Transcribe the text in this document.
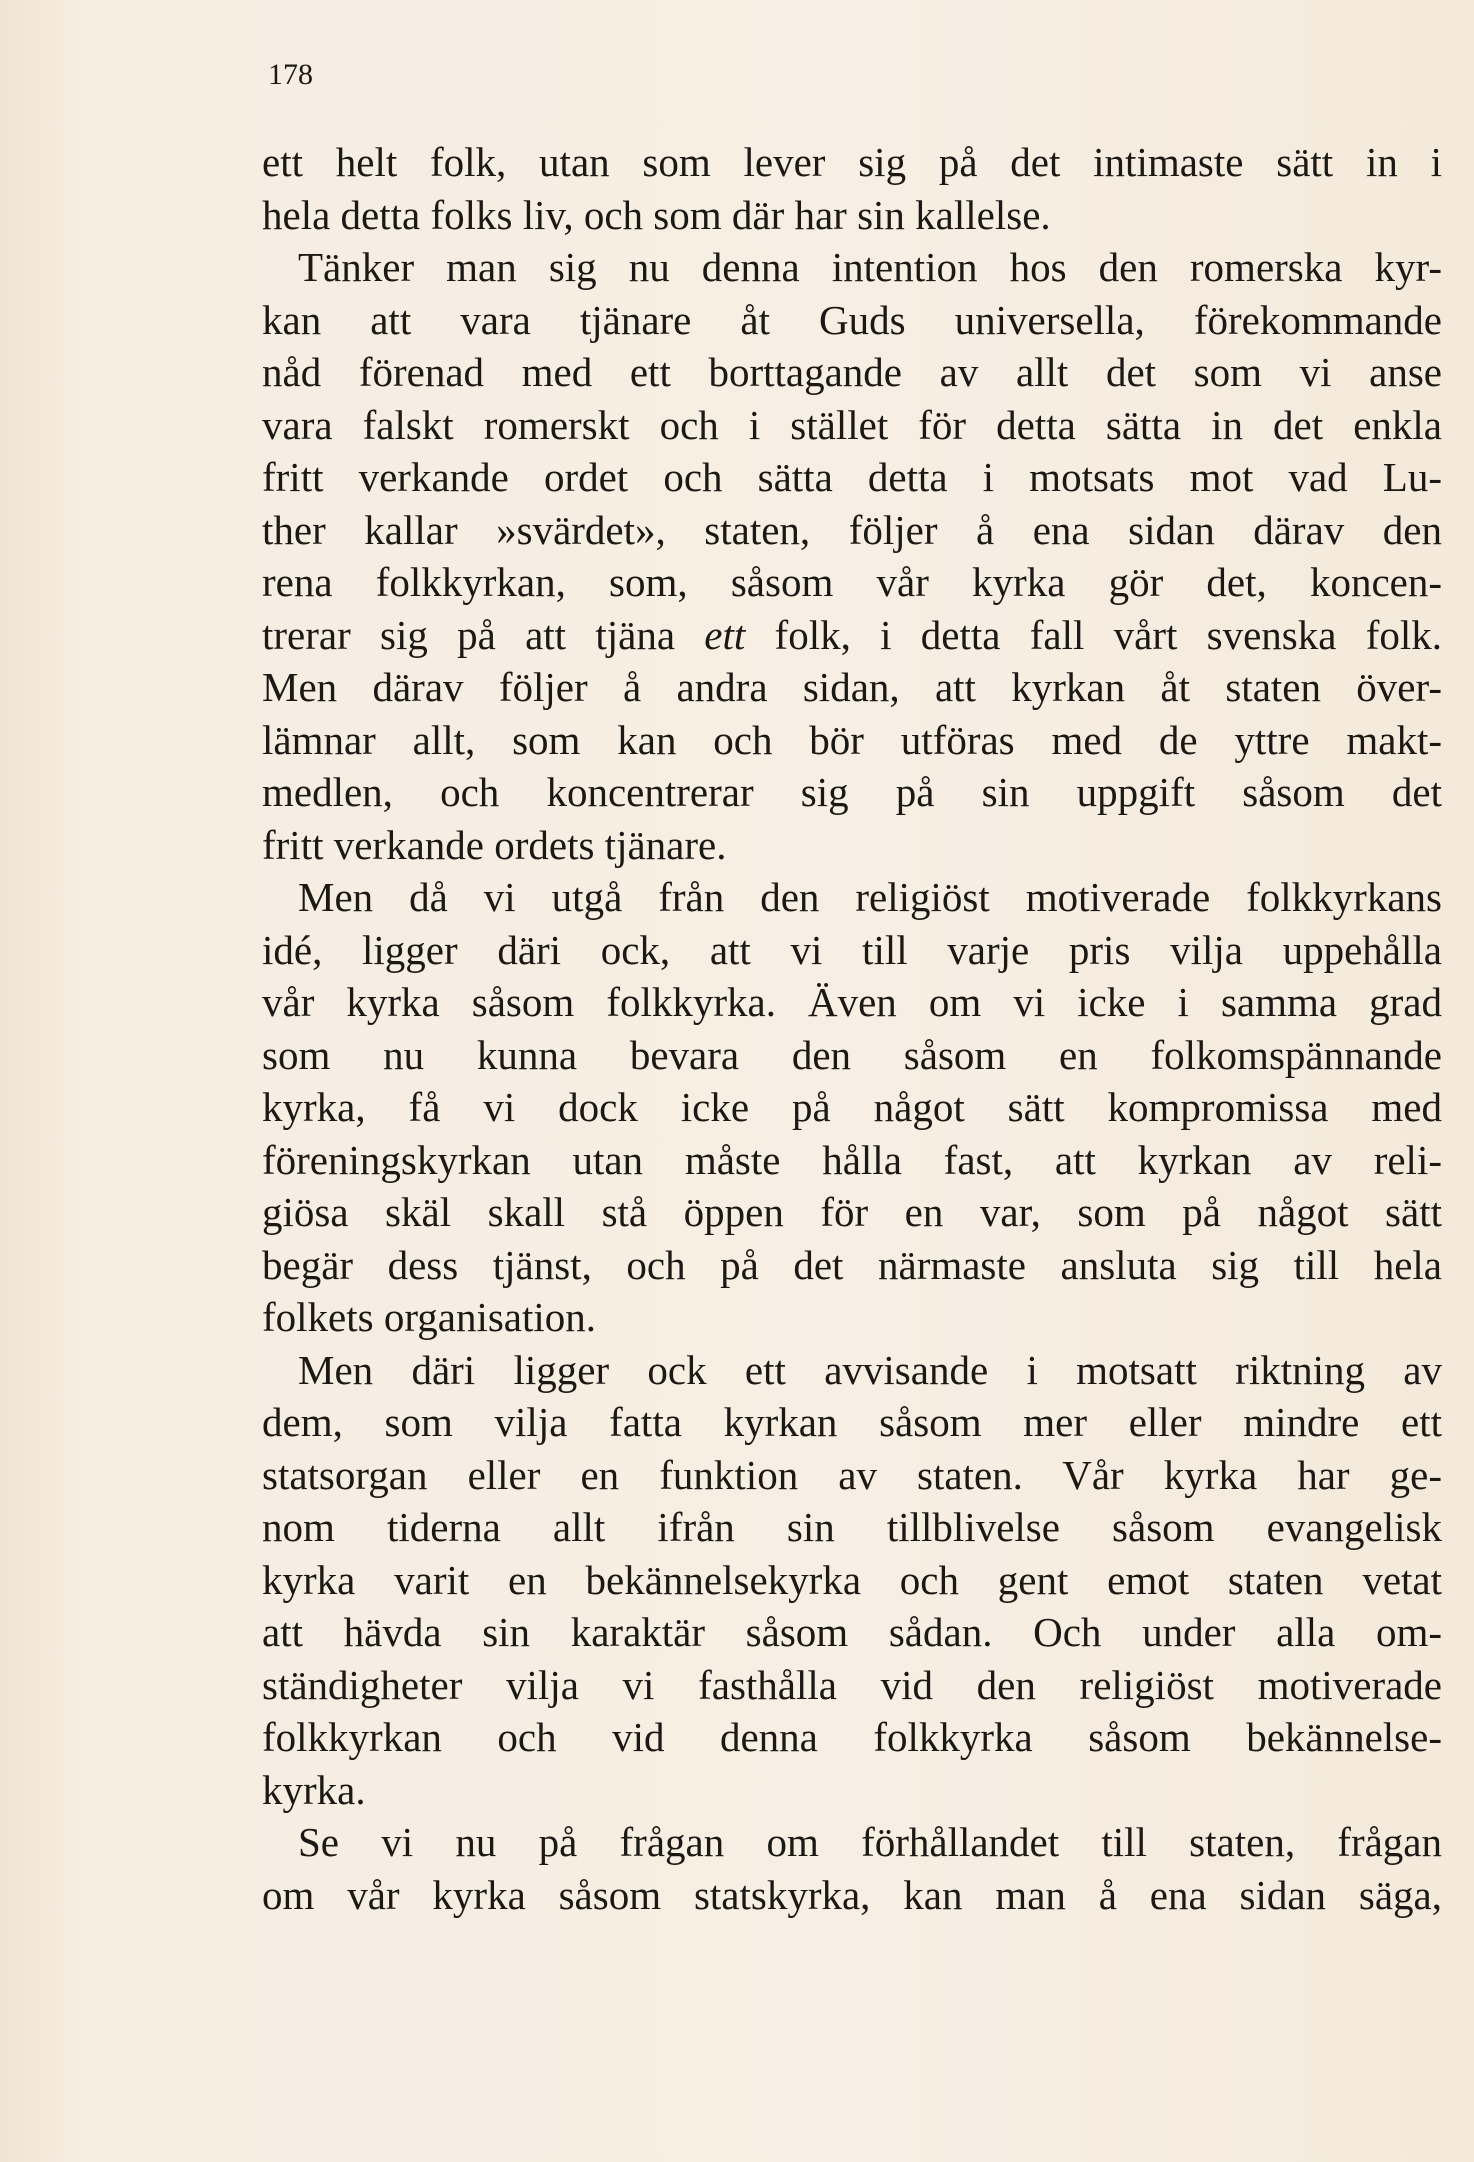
178
ett helt folk, utan som lever sig på det intimaste sätt in i
hela detta folks liv, och som där har sin kallelse.
Tänker man sig nu denna intention hos den romerska kyr-
kan att vara tjänare åt Guds universella, förekommande
nåd förenad med ett borttagande av allt det som vi anse
vara falskt romerskt och i stället för detta sätta in det enkla
fritt verkande ordet och sätta detta i motsats mot vad Lu-
ther kallar »svärdet», staten, följer å ena sidan därav den
rena folkkyrkan, som, såsom vår kyrka gör det, koncen-
trerar sig på att tjäna ett folk, i detta fall vårt svenska folk.
Men därav följer å andra sidan, att kyrkan åt staten över-
lämnar allt, som kan och bör utföras med de yttre makt-
medlen, och koncentrerar sig på sin uppgift såsom det
fritt verkande ordets tjänare.
Men då vi utgå från den religiöst motiverade folkkyrkans
idé, ligger däri ock, att vi till varje pris vilja uppehålla
vår kyrka såsom folkkyrka. Även om vi icke i samma grad
som nu kunna bevara den såsom en folkomspännande
kyrka, få vi dock icke på något sätt kompromissa med
föreningskyrkan utan måste hålla fast, att kyrkan av reli-
giösa skäl skall stå öppen för en var, som på något sätt
begär dess tjänst, och på det närmaste ansluta sig till hela
folkets organisation.
Men däri ligger ock ett avvisande i motsatt riktning av
dem, som vilja fatta kyrkan såsom mer eller mindre ett
statsorgan eller en funktion av staten. Vår kyrka har ge-
nom tiderna allt ifrån sin tillblivelse såsom evangelisk
kyrka varit en bekännelsekyrka och gent emot staten vetat
att hävda sin karaktär såsom sådan. Och under alla om-
ständigheter vilja vi fasthålla vid den religiöst motiverade
folkkyrkan och vid denna folkkyrka såsom bekännelse-
kyrka.
Se vi nu på frågan om förhållandet till staten, frågan
om vår kyrka såsom statskyrka, kan man å ena sidan säga,
